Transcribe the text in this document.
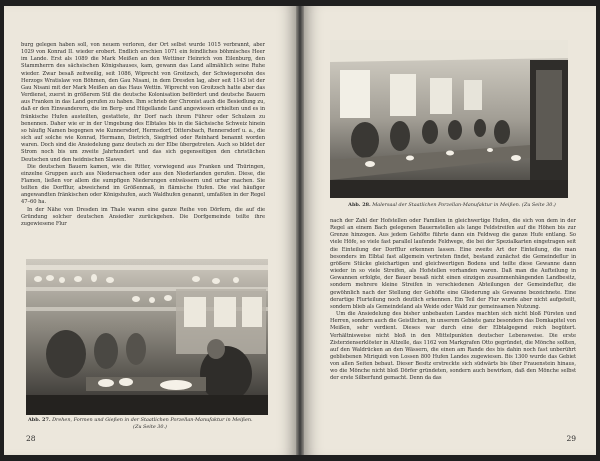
burg gelegen haben soll, von neuem verloren, der Ort selbst wurde 1015 verbrannt, aber 1029 von Konrad II. wieder erobert. Endlich erschien 1071 ein feindliches böhmisches Heer im Lande. Erst als 1089 die Mark Meißen an den Wettiner Heinrich von Eilenburg, den Stammherrn des sächsischen Königshauses, kam, gewann das Land allmählich seine Ruhe wieder. Zwar besaß zeitweilig, seit 1086, Wiprecht von Groitzsch, der Schwiegersohn des Herzogs Wratislaw von Böhmen, den Gau Nisani, in dem Dresden lag, aber seit 1143 ist der Gau Nisani mit der Mark Meißen an das Haus Wettin. Wiprecht von Groitzsch hatte aber das Verdienst, zuerst in größerem Stil die deutsche Kolonisation befördert und deutsche Bauern aus Franken in das Land gerufen zu haben. Ihm schrieb der Chronist auch die Besiedlung zu, daß er den Einwanderern, die im Berg- und Hügellande Land angewiesen erhielten und es in fränkische Hufen austeilten, gestattete, ihr Dorf nach ihrem Führer oder Schulzen zu benennen. Daher wie er in der Umgebung des Elbtales bis in die Sächsische Schweiz hinein so häufig Namen begegnen wie Kunnersdorf, Hermsdorf, Dittersbach, Rennersdorf u. a., die sich auf solche wie Konrad, Hermann, Dietrich, Siegfried oder Reinhard benannt worden waren. Doch sind die Ansiedelung ganz deutsch zu der Elbe übergetreten. Auch so bildet der Strom noch bis um zweite Jahrhundert und das sich gegenseitigen den christlichen Deutschen und den heidnischen Slawen.

Die deutschen Bauern kamen, wie die Ritter, vorwiegend aus Franken und Thüringen, einzelne Gruppen auch aus Niedersachsen oder aus den Niederlanden gerufen. Diese, die Flamen, ließen vor allem die sumpfigen Niederungen entwässern und urbar machen. Sie teilten die Dorfflur, abweichend im Größenmaß, in flämische Hufen. Die viel häufiger angewandten fränkischen oder Königshufen, auch Waldhufen genannt, umfaßten in der Regel 47–60 ha.

In der Nähe von Dresden im Thale waren eine ganze Reihe von Dörfern, die auf die Gründung solcher deutschen Ansiedler zurückgehen. Die Dorfgemeinde teilte ihre zugewiesene Flur

Abb. 27. Drehen, Formen und Gießen in der Staatlichen Porzellan-Manufaktur in Meißen.
(Zu Seite 30.)
28
Abb. 28. Malersaal der Staatlichen Porzellan-Manufaktur in Meißen. (Zu Seite 30.)

nach der Zahl der Hofstellen oder Familien in gleichwertige Hufen, die sich von dem in der Regel an einem Bach gelegenen Bauernstellen als lange Feldstreifen auf die Höhen bis zur Grenze hinzogen. Aus jedem Gehöfte führte dann ein Feldweg die ganze Hufe entlang. So viele Höfe, so viele fast parallel laufende Feldwege, die bei der Spezialkarten eingetragen seit die Einteilung der Dorfflur erkennen lassen. Eine zweite Art der Einteilung, die man besonders im Elbtal fast allgemein vertreten findet, bestand zunächst die Gemeindeflur in größere Stücke gleichartigen und gleichwertigen Bodens und teilte diese Gewanne dann wieder in so viele Streifen, als Hofstellen vorhanden waren. Daß man die Aufteilung in Gewannen erfolgte, der Bauer besaß nicht einen einzigen zusammenhängenden Landbesitz, sondern mehrere kleine Streifen in verschiedenen Abteilungen der Gemeindeflur, die gewöhnlich nach der Stellung der Gehöfte eine Gliederung als Gewanne bezeichnete. Eine derartige Flurteilung noch deutlich erkennen. Ein Teil der Flur wurde aber nicht aufgeteilt, sondern blieb als Gemeindeland als Weide oder Wald zur gemeinsamen Nutzung.

Um die Ansiedelung des bisher unbebauten Landes machten sich nicht bloß Fürsten und Herren, sondern auch die Geistlichen, in unserem Gebiete ganz besonders das Domkapitel von Meißen, sehr verdient. Dieses war durch eine der Elbtalgegend reich begütert. Verhältnisweise nicht bloß in den Mittelpunkten deutscher Lebensweise. Die erste Zisterzienserklöster in Altzelle, das 1162 von Markgrafen Otto gegründet, die Mönche sollten, auf den Waldrücken an den Wässern, die einen am Rande des bis dahin noch fast unberührt gebliebenen Miriquidi von Lossen 800 Hufen Landes zugewiesen. Bis 1300 wurde das Gebiet von allen Seiten bebaut. Dieser Besitz erstreckte sich südwärts bis über Frauenstein hinaus, wo die Mönche nicht bloß Dörfer gründeten, sondern auch bewirken, daß den Mönche selbst der erste Silberfund gemacht. Denn da das

29
